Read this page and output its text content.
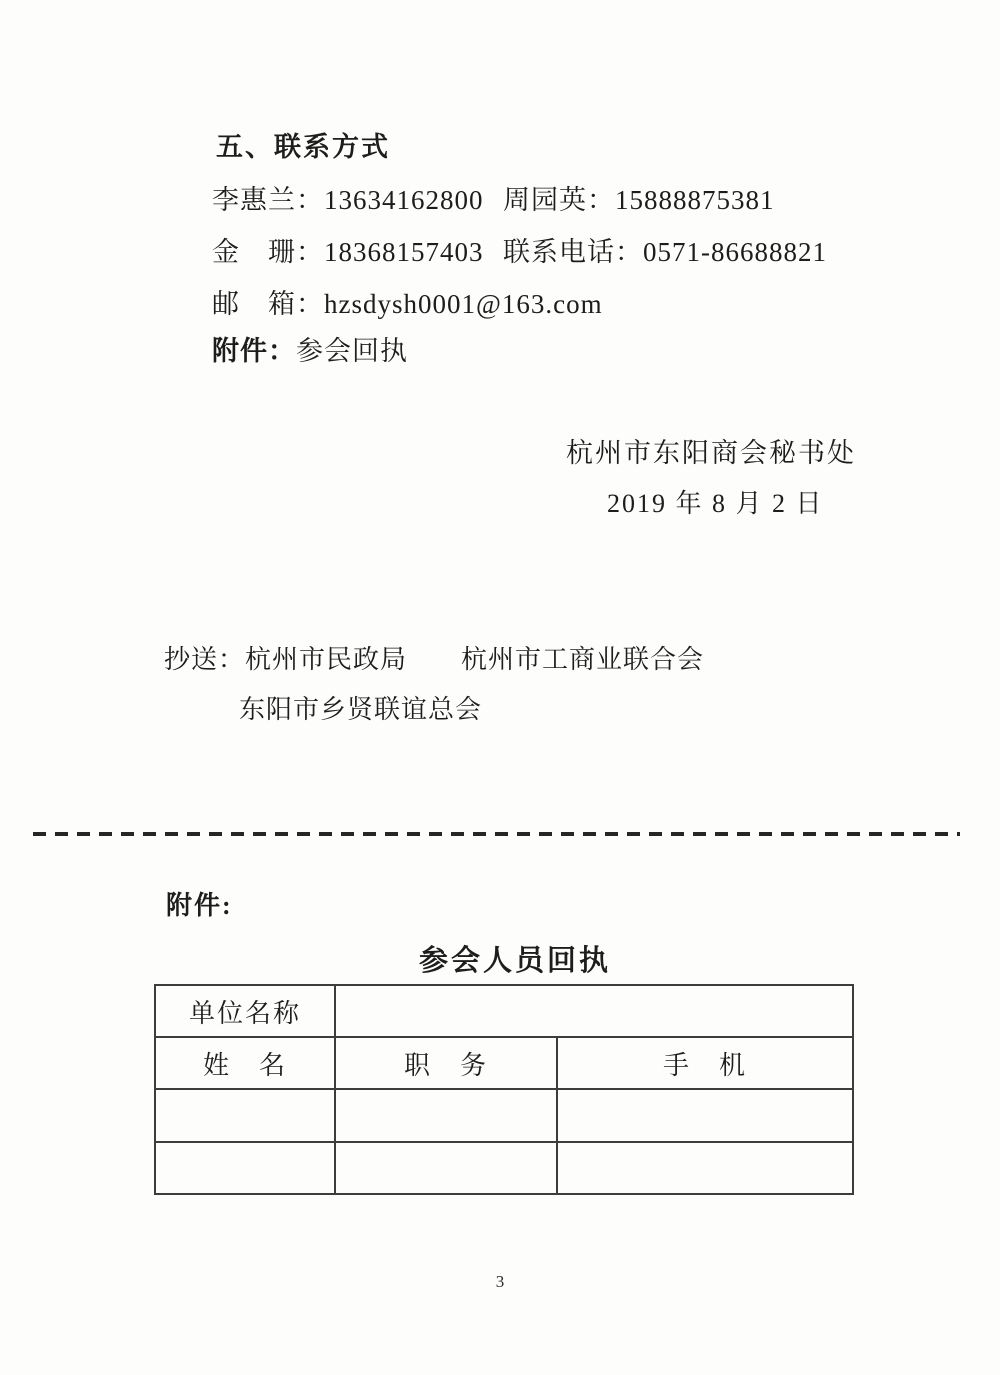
五、联系方式
李惠兰：13634162800 周园英：15888875381
金　珊：18368157403 联系电话：0571-86688821
邮　箱：hzsdysh0001@163.com
附件：参会回执
杭州市东阳商会秘书处
2019 年 8 月 2 日
抄送：杭州市民政局　　杭州市工商业联合会
东阳市乡贤联谊总会
附件:
参会人员回执
单位名称		
姓　名	职　务	手　机

3
